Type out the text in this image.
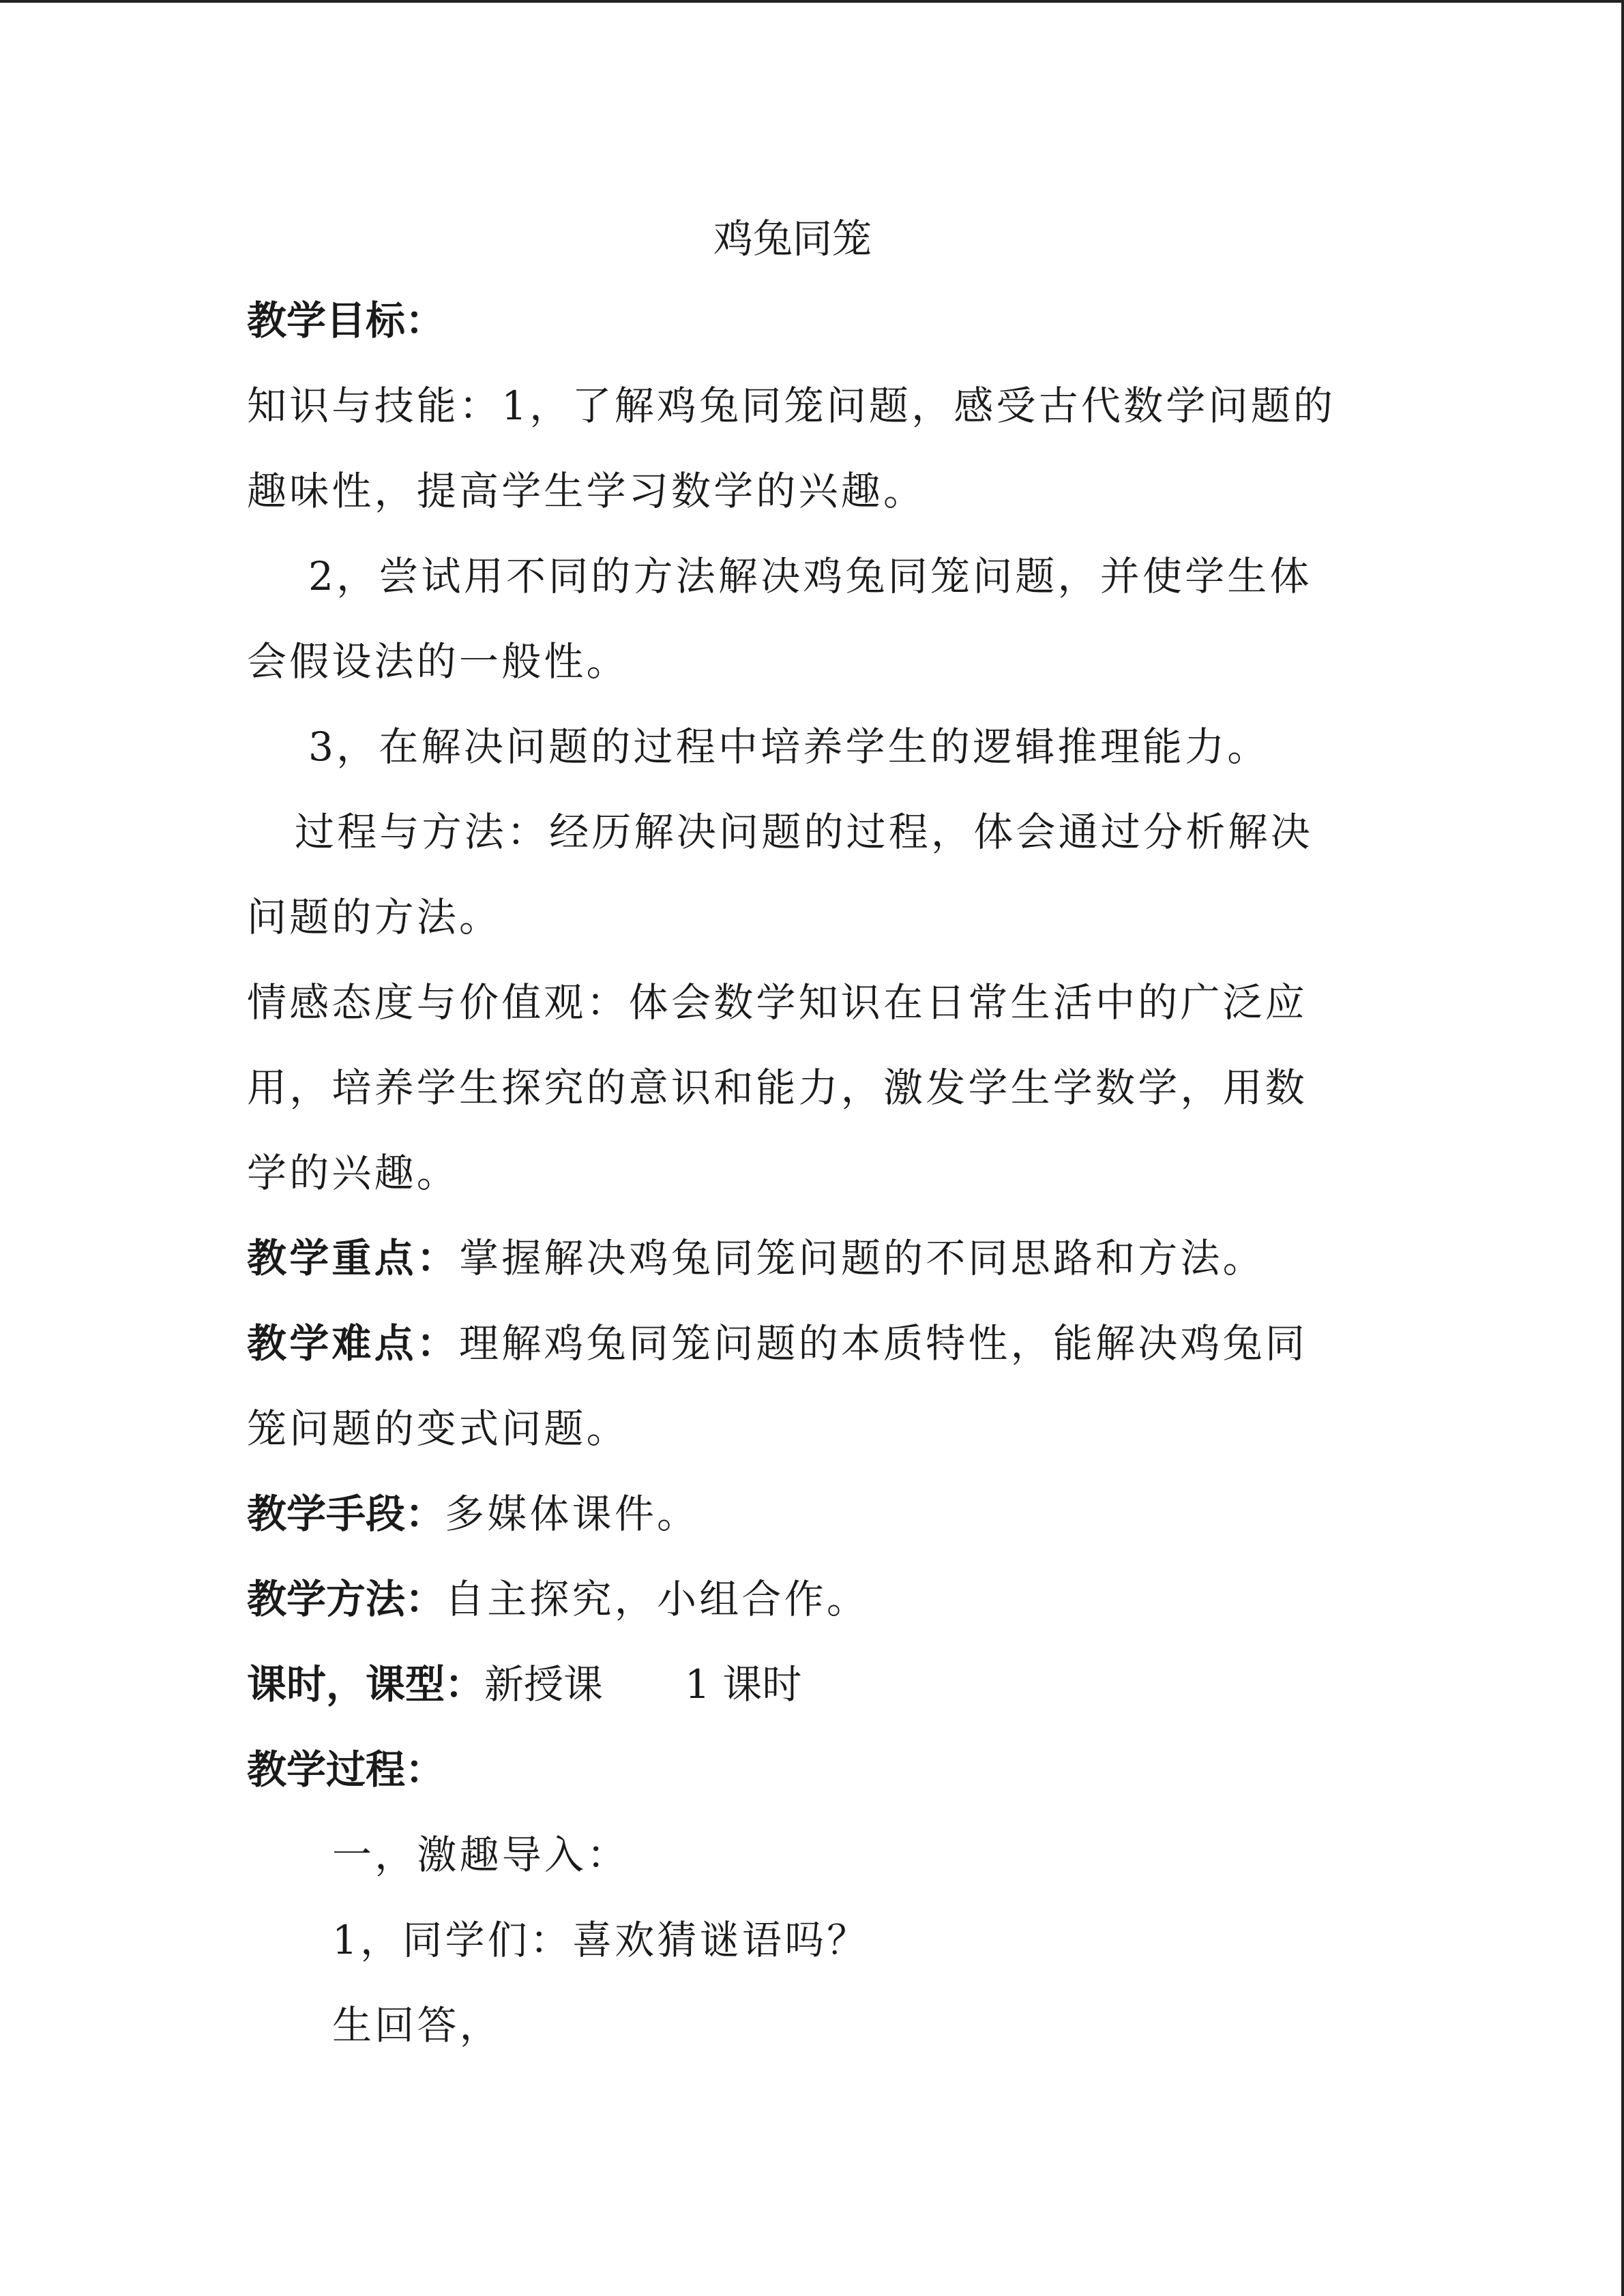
鸡兔同笼
教学目标：
知识与技能：1，了解鸡兔同笼问题，感受古代数学问题的趣味性，提高学生学习数学的兴趣。
2，尝试用不同的方法解决鸡兔同笼问题，并使学生体会假设法的一般性。
3，在解决问题的过程中培养学生的逻辑推理能力。
过程与方法：经历解决问题的过程，体会通过分析解决问题的方法。
情感态度与价值观：体会数学知识在日常生活中的广泛应用，培养学生探究的意识和能力，激发学生学数学，用数学的兴趣。
教学重点：掌握解决鸡兔同笼问题的不同思路和方法。
教学难点：理解鸡兔同笼问题的本质特性，能解决鸡兔同笼问题的变式问题。
教学手段：多媒体课件。
教学方法：自主探究，小组合作。
课时，课型：新授课 1 课时
教学过程：
一，激趣导入：
1，同学们：喜欢猜谜语吗？
生回答，
